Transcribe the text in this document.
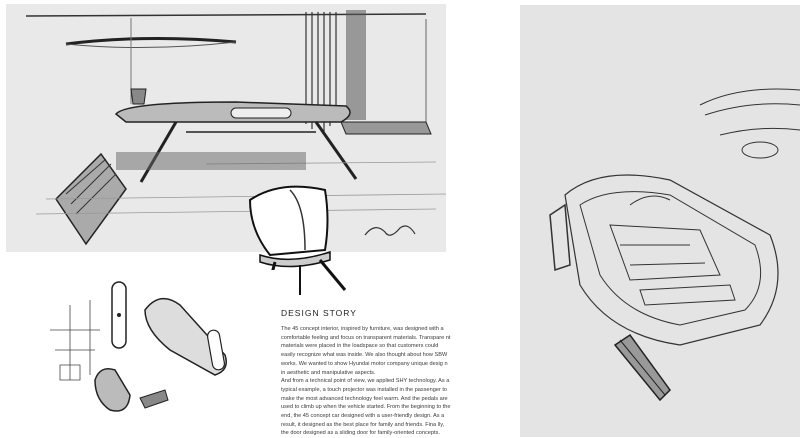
DESIGN STORY

The 45 concept interior, inspired by furniture, was designed with a comfortable feeling and focus on transparent materials. Transpare nt materials were placed in the loadspace so that customers could easily recognize what was inside. We also thought about how SBW works. We wanted to show Hyundai motor company unique desig n in aesthetic and manipulative aspects.

And from a technical point of view, we applied SHY technology. As a typical example, a touch projector was installed in the passenger to make the most advanced technology feel warm. And the pedals are used to climb up when the vehicle started. From the beginning to the end, the 45 concept car designed with a user-friendly design. As a result, it designed as the best place for family and friends. Fina lly, the door designed as a sliding door for family-oriented concepts.
